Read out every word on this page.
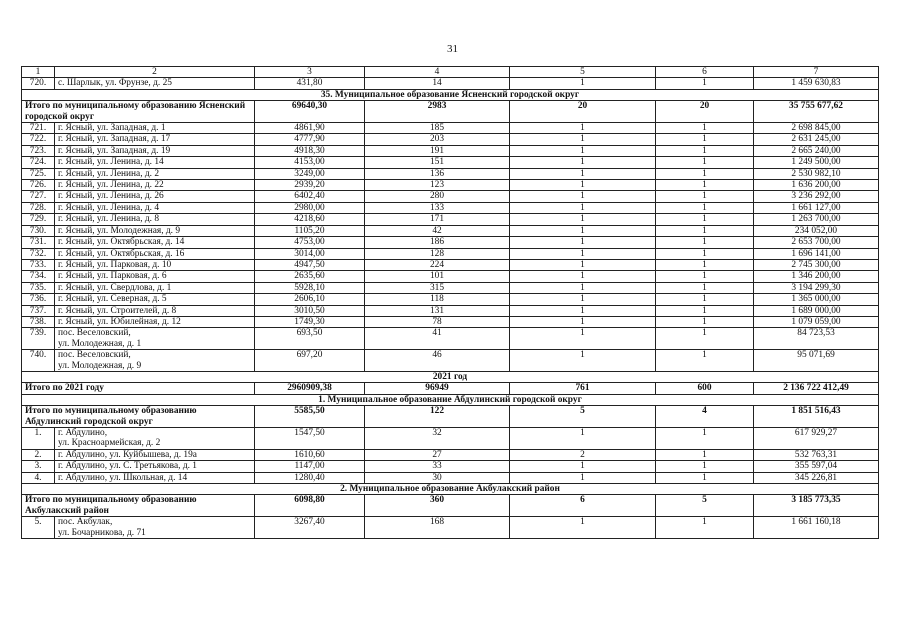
31
1	2	3	4	5	6	7
720.	с. Шарлык, ул. Фрунзе, д. 25	431,80	14	1	1	1 459 630,83
35. Муниципальное образование Ясненский городской округ						
Итого по муниципальному образованию Ясненский городской округ		69640,30	2983	20	20	35 755 677,62
721.	г. Ясный, ул. Западная, д. 1	4861,90	185	1	1	2 698 845,00
722.	г. Ясный, ул. Западная, д. 17	4777,90	203	1	1	2 631 245,00
723.	г. Ясный, ул. Западная, д. 19	4918,30	191	1	1	2 665 240,00
724.	г. Ясный, ул. Ленина, д. 14	4153,00	151	1	1	1 249 500,00
725.	г. Ясный, ул. Ленина, д. 2	3249,00	136	1	1	2 530 982,10
726.	г. Ясный, ул. Ленина, д. 22	2939,20	123	1	1	1 636 200,00
727.	г. Ясный, ул. Ленина, д. 26	6402,40	280	1	1	3 236 292,00
728.	г. Ясный, ул. Ленина, д. 4	2980,00	133	1	1	1 661 127,00
729.	г. Ясный, ул. Ленина, д. 8	4218,60	171	1	1	1 263 700,00
730.	г. Ясный, ул. Молодежная, д. 9	1105,20	42	1	1	234 052,00
731.	г. Ясный, ул. Октябрьская, д. 14	4753,00	186	1	1	2 653 700,00
732.	г. Ясный, ул. Октябрьская, д. 16	3014,00	128	1	1	1 696 141,00
733.	г. Ясный, ул. Парковая, д. 10	4947,50	224	1	1	2 745 300,00
734.	г. Ясный, ул. Парковая, д. 6	2635,60	101	1	1	1 346 200,00
735.	г. Ясный, ул. Свердлова, д. 1	5928,10	315	1	1	3 194 299,30
736.	г. Ясный, ул. Северная, д. 5	2606,10	118	1	1	1 365 000,00
737.	г. Ясный, ул. Строителей, д. 8	3010,50	131	1	1	1 689 000,00
738.	г. Ясный, ул. Юбилейная, д. 12	1749,30	78	1	1	1 079 059,00
739.	пос. Веселовский,
ул. Молодежная, д. 1	693,50	41	1	1	84 723,53
740.	пос. Веселовский,
ул. Молодежная, д. 9	697,20	46	1	1	95 071,69
2021 год						
Итого по 2021 году		2960909,38	96949	761	600	2 136 722 412,49
1. Муниципальное образование Абдулинский городской округ						
Итого по муниципальному образованию Абдулинский городской округ		5585,50	122	5	4	1 851 516,43
1.	г. Абдулино,
ул. Красноармейская, д. 2	1547,50	32	1	1	617 929,27
2.	г. Абдулино, ул. Куйбышева, д. 19а	1610,60	27	2	1	532 763,31
3.	г. Абдулино, ул. С. Третьякова, д. 1	1147,00	33	1	1	355 597,04
4.	г. Абдулино, ул. Школьная, д. 14	1280,40	30	1	1	345 226,81
2. Муниципальное образование Акбулакский район						
Итого по муниципальному образованию Акбулакский район		6098,80	360	6	5	3 185 773,35
5.	пос. Акбулак,
ул. Бочарникова, д. 71	3267,40	168	1	1	1 661 160,18
